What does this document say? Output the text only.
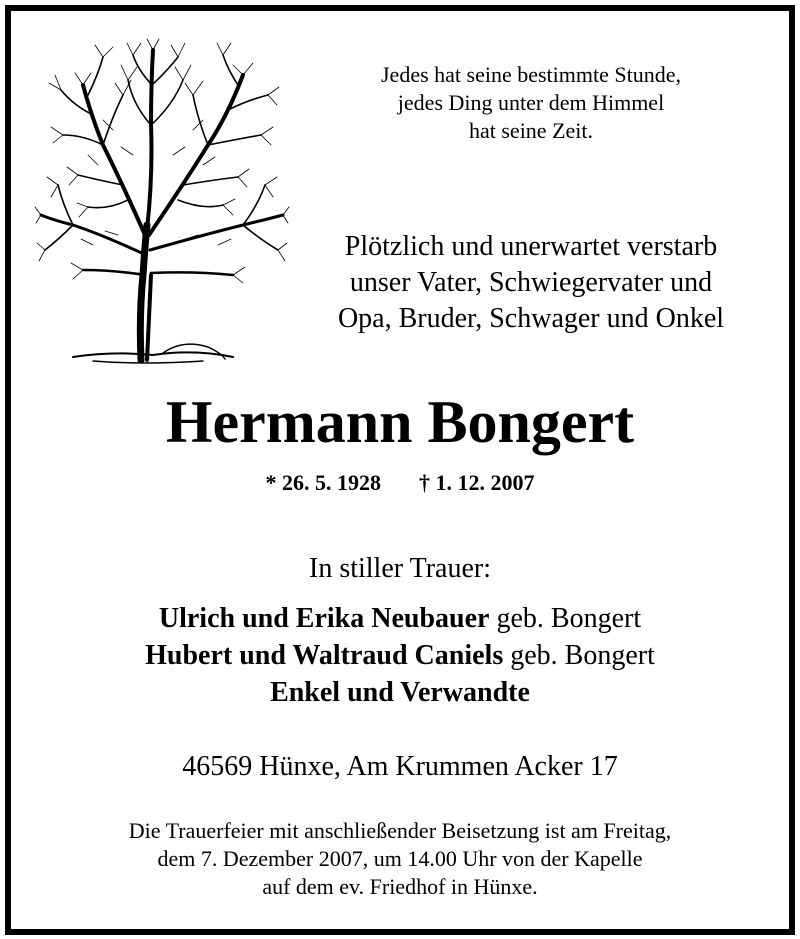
Jedes hat seine bestimmte Stunde,
jedes Ding unter dem Himmel
hat seine Zeit.
Plötzlich und unerwartet verstarb
unser Vater, Schwiegervater und
Opa, Bruder, Schwager und Onkel
Hermann Bongert
* 26. 5. 1928 † 1. 12. 2007
In stiller Trauer:
Ulrich und Erika Neubauer geb. Bongert
Hubert und Waltraud Caniels geb. Bongert
Enkel und Verwandte
46569 Hünxe, Am Krummen Acker 17
Die Trauerfeier mit anschließender Beisetzung ist am Freitag,
dem 7. Dezember 2007, um 14.00 Uhr von der Kapelle
auf dem ev. Friedhof in Hünxe.
